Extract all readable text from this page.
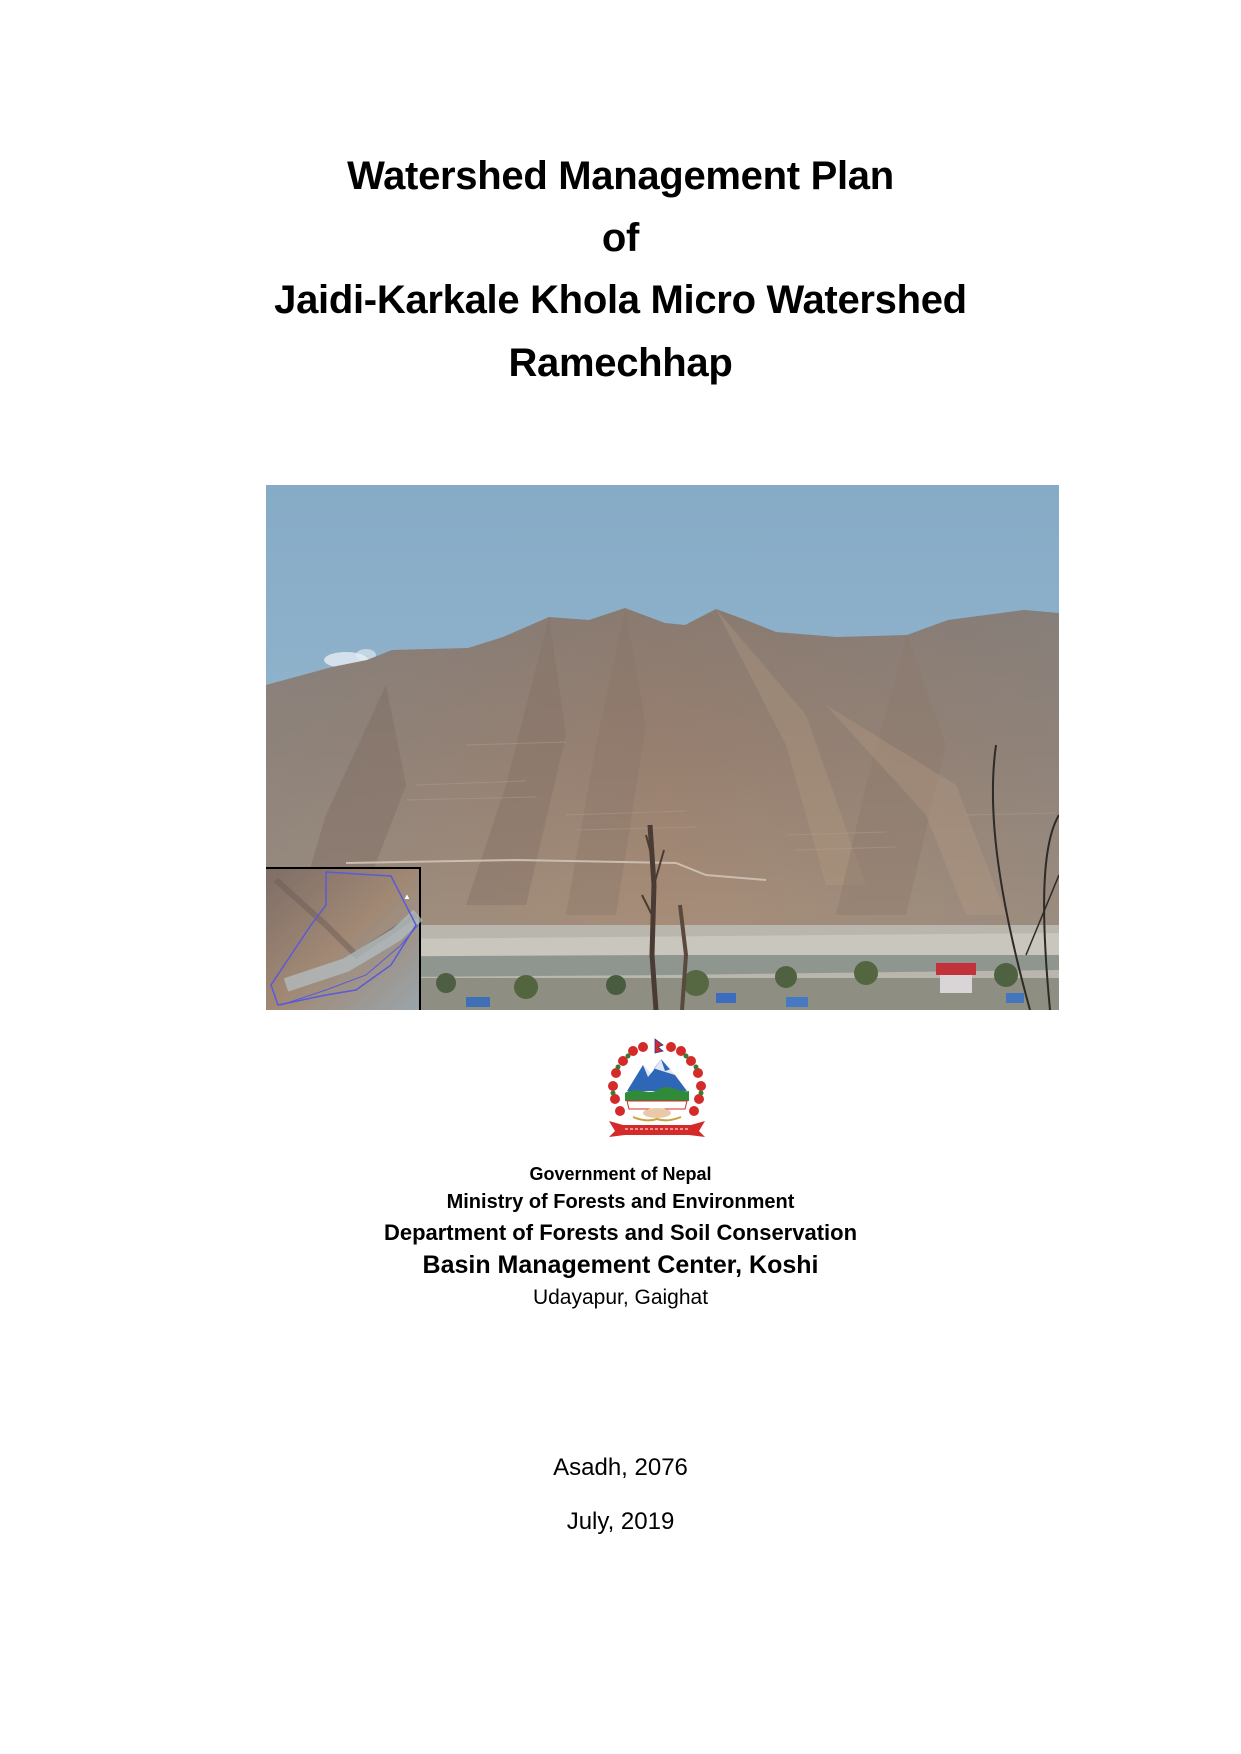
Watershed Management Plan
of
Jaidi-Karkale Khola Micro Watershed
Ramechhap
▲
Government of Nepal
Ministry of Forests and Environment
Department of Forests and Soil Conservation
Basin Management Center, Koshi
Udayapur, Gaighat
Asadh, 2076
July, 2019
